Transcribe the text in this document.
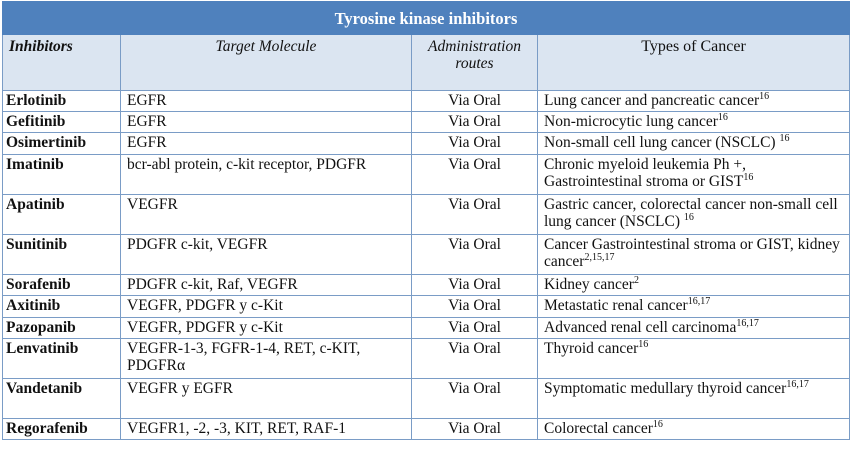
Tyrosine kinase inhibitors			
Inhibitors	Target Molecule	Administration routes	Types of Cancer
Erlotinib	EGFR	Via Oral	Lung cancer and pancreatic cancer$^{16}$
Gefitinib	EGFR	Via Oral	Non-microcytic lung cancer$^{16}$
Osimertinib	EGFR	Via Oral	Non-small cell lung cancer (NSCLC) $^{16}$
Imatinib	bcr-abl protein, c-kit receptor, PDGFR	Via Oral	Chronic myeloid leukemia Ph +, Gastrointestinal stroma or GIST$^{16}$
Apatinib	VEGFR	Via Oral	Gastric cancer, colorectal cancer non-small cell lung cancer (NSCLC) $^{16}$
Sunitinib	PDGFR c-kit, VEGFR	Via Oral	Cancer Gastrointestinal stroma or GIST, kidney cancer$^{2,15,17}$
Sorafenib	PDGFR c-kit, Raf, VEGFR	Via Oral	Kidney cancer$^2$
Axitinib	VEGFR, PDGFR y c-Kit	Via Oral	Metastatic renal cancer$^{16,17}$
Pazopanib	VEGFR, PDGFR y c-Kit	Via Oral	Advanced renal cell carcinoma$^{16,17}$
Lenvatinib	VEGFR-1-3, FGFR-1-4, RET, c-KIT, PDGFRα	Via Oral	Thyroid cancer$^{16}$
Vandetanib	VEGFR y EGFR	Via Oral	Symptomatic medullary thyroid cancer$^{16,17}$
Regorafenib	VEGFR1, -2, -3, KIT, RET, RAF-1	Via Oral	Colorectal cancer$^{16}$
